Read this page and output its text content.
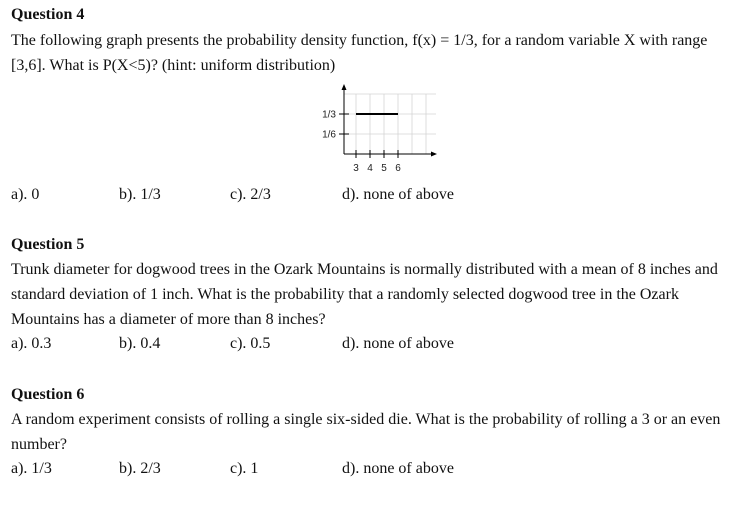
Question 4
The following graph presents the probability density function, f(x) = 1/3, for a random variable X with range [3,6]. What is P(X<5)? (hint: uniform distribution)
1/3
1/6
3 4 5 6
a). 0	b). 1/3	c). 2/3	d). none of above
Question 5
Trunk diameter for dogwood trees in the Ozark Mountains is normally distributed with a mean of 8 inches and standard deviation of 1 inch. What is the probability that a randomly selected dogwood tree in the Ozark Mountains has a diameter of more than 8 inches?
a). 0.3	b). 0.4	c). 0.5	d). none of above
Question 6
A random experiment consists of rolling a single six-sided die. What is the probability of rolling a 3 or an even number?
a). 1/3	b). 2/3	c). 1	d). none of above
